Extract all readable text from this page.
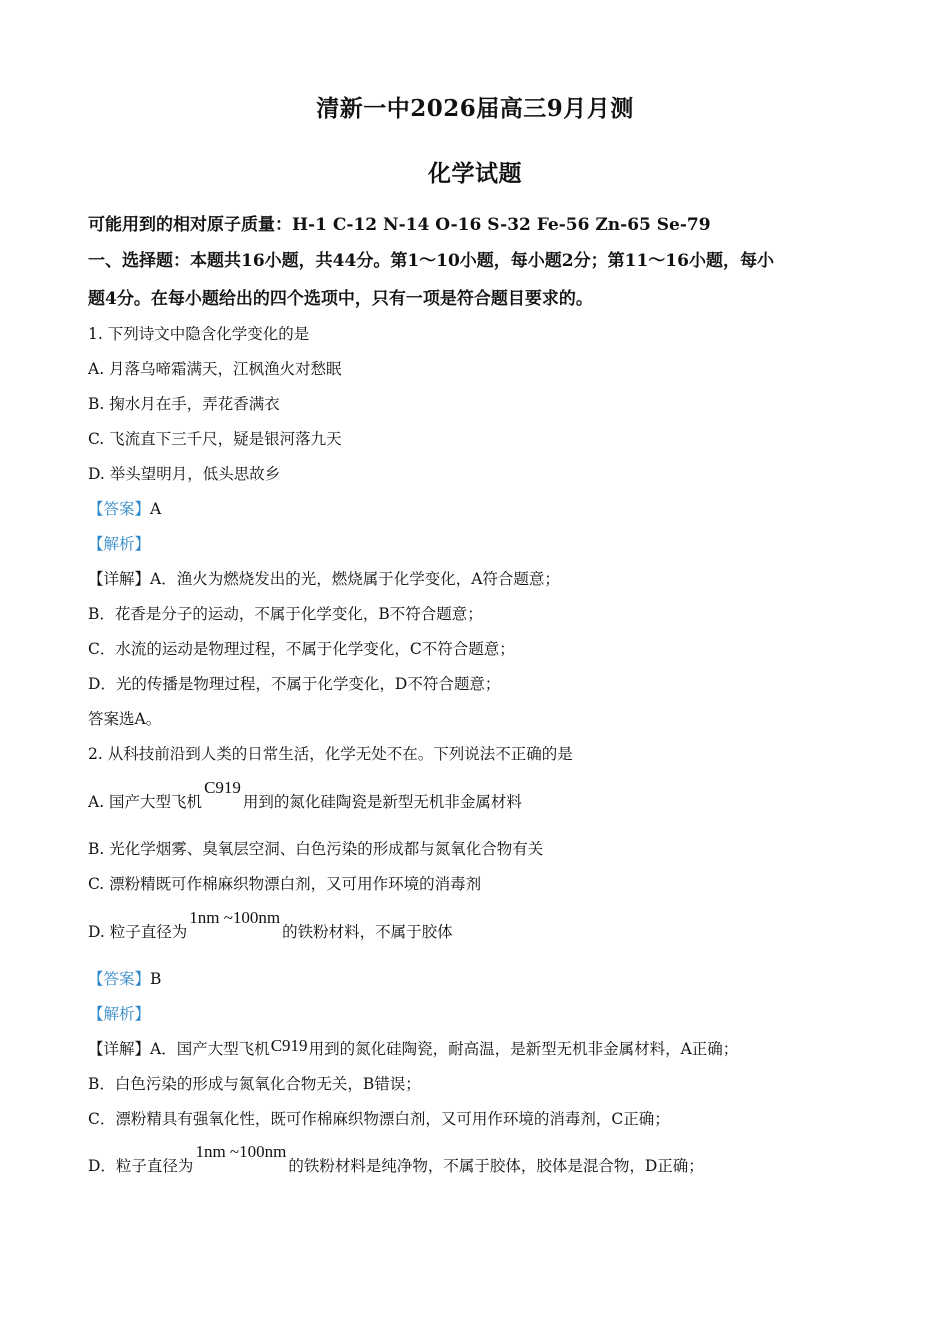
清新一中2026届高三9月月测
化学试题
可能用到的相对原子质量：H-1 C-12 N-14 O-16 S-32 Fe-56 Zn-65 Se-79
一、选择题：本题共16小题，共44分。第1～10小题，每小题2分；第11～16小题，每小
题4分。在每小题给出的四个选项中，只有一项是符合题目要求的。
1. 下列诗文中隐含化学变化的是
A. 月落乌啼霜满天，江枫渔火对愁眠
B. 掬水月在手，弄花香满衣
C. 飞流直下三千尺，疑是银河落九天
D. 举头望明月，低头思故乡
【答案】A
【解析】
【详解】A．渔火为燃烧发出的光，燃烧属于化学变化，A符合题意；
B．花香是分子的运动，不属于化学变化，B不符合题意；
C．水流的运动是物理过程，不属于化学变化，C不符合题意；
D．光的传播是物理过程，不属于化学变化，D不符合题意；
答案选A。
2. 从科技前沿到人类的日常生活，化学无处不在。下列说法不正确的是
A. 国产大型飞机C919用到的氮化硅陶瓷是新型无机非金属材料
B. 光化学烟雾、臭氧层空洞、白色污染的形成都与氮氧化合物有关
C. 漂粉精既可作棉麻织物漂白剂，又可用作环境的消毒剂
D. 粒子直径为1nm ~100nm的铁粉材料，不属于胶体
【答案】B
【解析】
【详解】A．国产大型飞机C919用到的氮化硅陶瓷，耐高温，是新型无机非金属材料，A正确；
B．白色污染的形成与氮氧化合物无关，B错误；
C．漂粉精具有强氧化性，既可作棉麻织物漂白剂，又可用作环境的消毒剂，C正确；
D．粒子直径为1nm ~100nm的铁粉材料是纯净物，不属于胶体，胶体是混合物，D正确；
